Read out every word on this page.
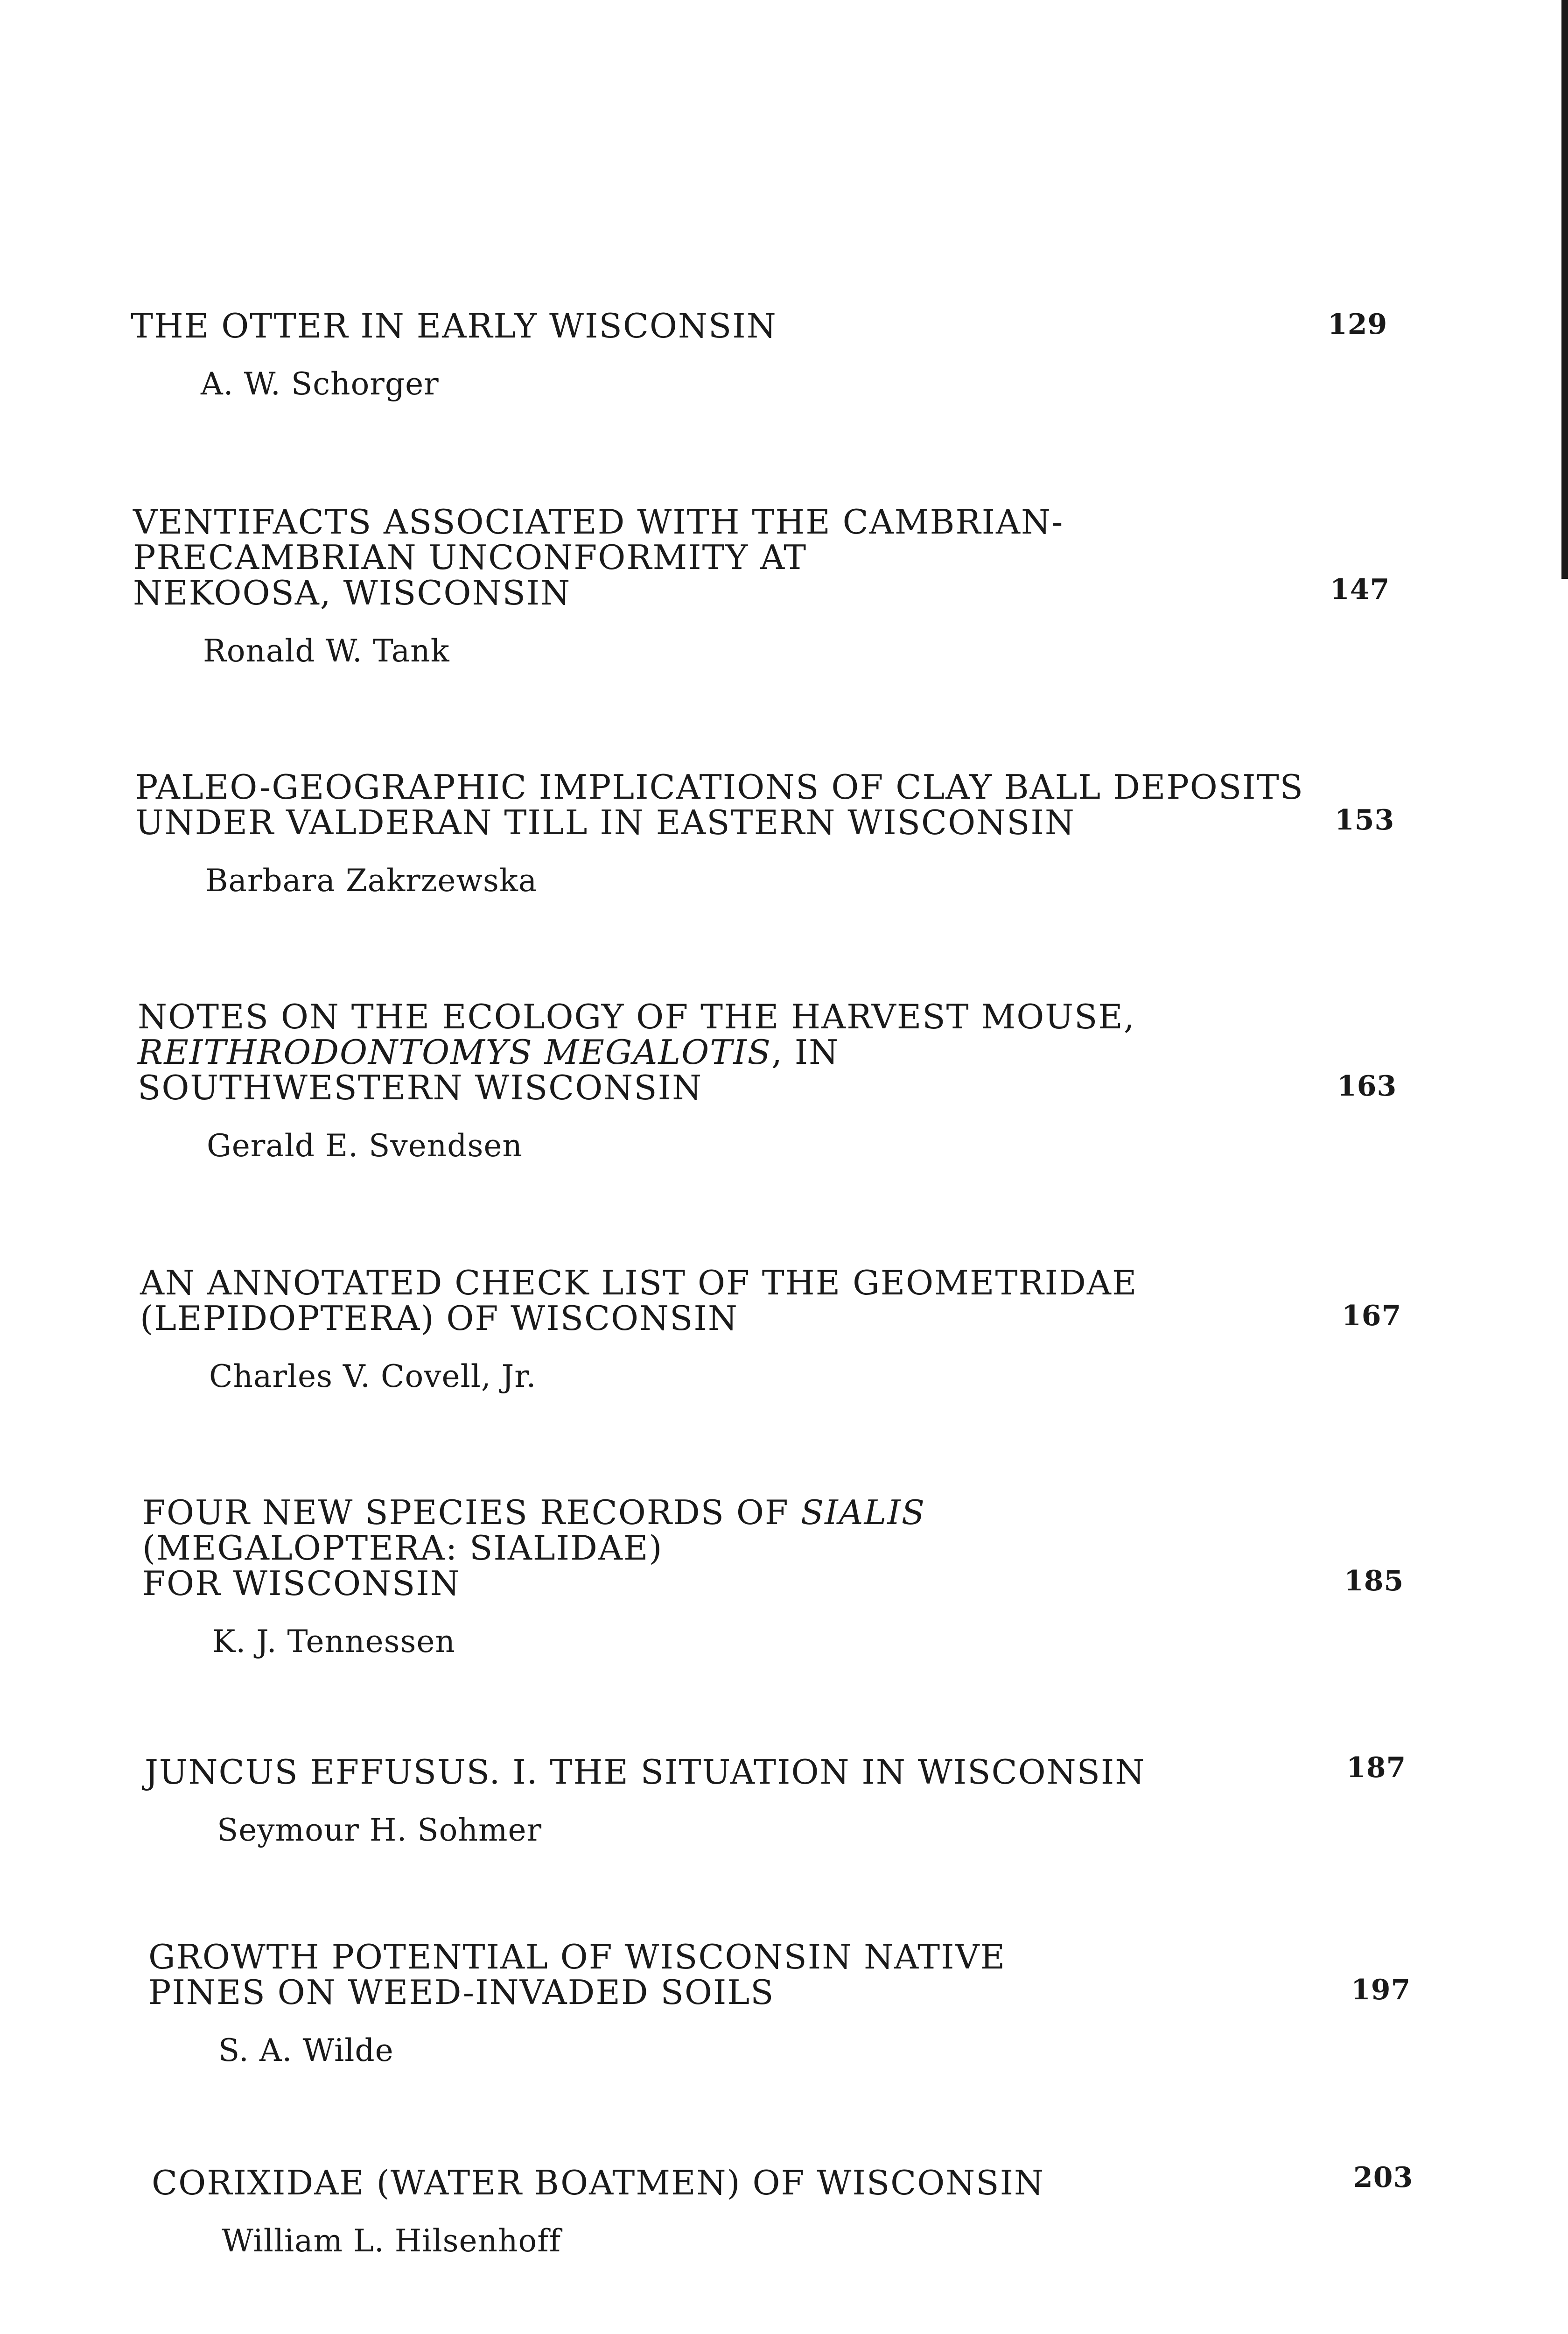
THE OTTER IN EARLY WISCONSIN
A. W. Schorger
129
VENTIFACTS ASSOCIATED WITH THE CAMBRIAN-
PRECAMBRIAN UNCONFORMITY AT
NEKOOSA, WISCONSIN
Ronald W. Tank
147
PALEO-GEOGRAPHIC IMPLICATIONS OF CLAY BALL DEPOSITS
UNDER VALDERAN TILL IN EASTERN WISCONSIN
Barbara Zakrzewska
153
NOTES ON THE ECOLOGY OF THE HARVEST MOUSE,
REITHRODONTOMYS MEGALOTIS, IN
SOUTHWESTERN WISCONSIN
Gerald E. Svendsen
163
AN ANNOTATED CHECK LIST OF THE GEOMETRIDAE
(LEPIDOPTERA) OF WISCONSIN
Charles V. Covell, Jr.
167
FOUR NEW SPECIES RECORDS OF SIALIS
(MEGALOPTERA: SIALIDAE)
FOR WISCONSIN
K. J. Tennessen
185
JUNCUS EFFUSUS. I. THE SITUATION IN WISCONSIN
Seymour H. Sohmer
187
GROWTH POTENTIAL OF WISCONSIN NATIVE
PINES ON WEED-INVADED SOILS
S. A. Wilde
197
CORIXIDAE (WATER BOATMEN) OF WISCONSIN
William L. Hilsenhoff
203
